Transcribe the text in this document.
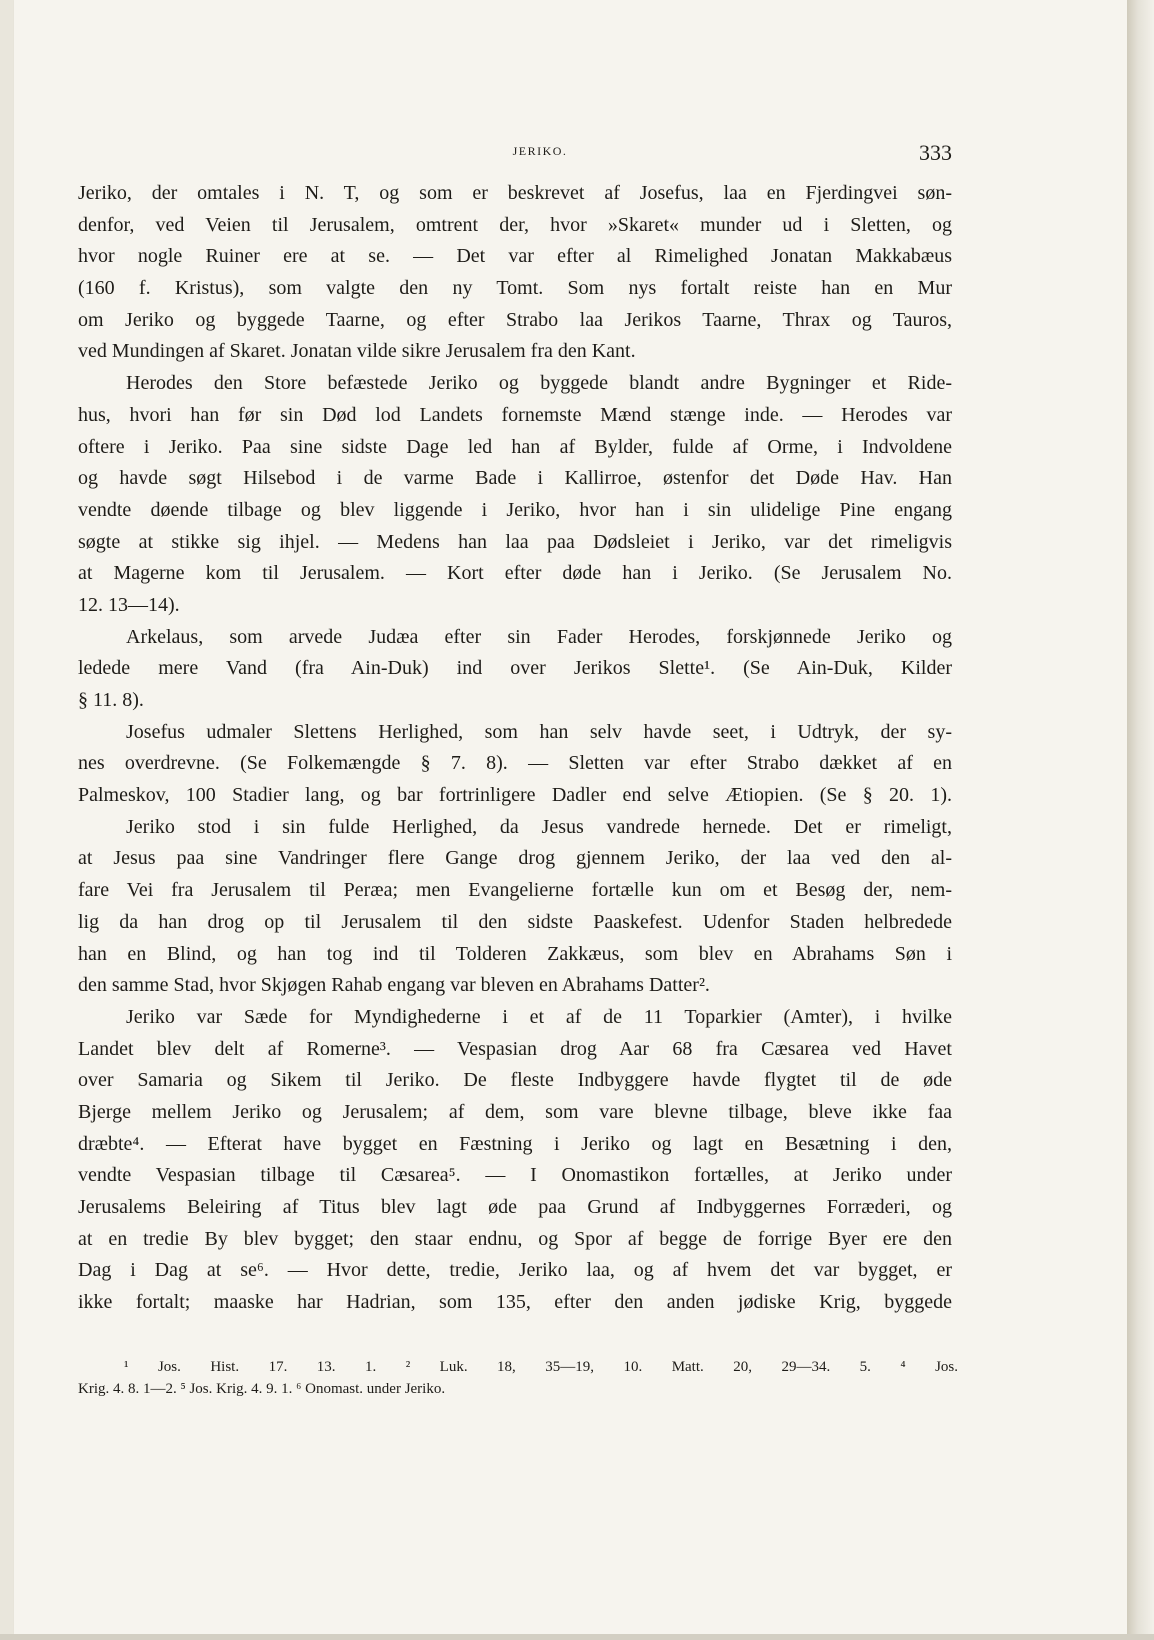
JERIKO.	333
Jeriko, der omtales i N. T, og som er beskrevet af Josefus, laa en Fjerdingvei søn-
denfor, ved Veien til Jerusalem, omtrent der, hvor »Skaret« munder ud i Sletten, og
hvor nogle Ruiner ere at se. — Det var efter al Rimelighed Jonatan Makkabæus
(160 f. Kristus), som valgte den ny Tomt. Som nys fortalt reiste han en Mur
om Jeriko og byggede Taarne, og efter Strabo laa Jerikos Taarne, Thrax og Tauros,
ved Mundingen af Skaret. Jonatan vilde sikre Jerusalem fra den Kant.
Herodes den Store befæstede Jeriko og byggede blandt andre Bygninger et Ride-
hus, hvori han før sin Død lod Landets fornemste Mænd stænge inde. — Herodes var
oftere i Jeriko. Paa sine sidste Dage led han af Bylder, fulde af Orme, i Indvoldene
og havde søgt Hilsebod i de varme Bade i Kallirroe, østenfor det Døde Hav. Han
vendte døende tilbage og blev liggende i Jeriko, hvor han i sin ulidelige Pine engang
søgte at stikke sig ihjel. — Medens han laa paa Dødsleiet i Jeriko, var det rimeligvis
at Magerne kom til Jerusalem. — Kort efter døde han i Jeriko. (Se Jerusalem No.
12. 13—14).
Arkelaus, som arvede Judæa efter sin Fader Herodes, forskjønnede Jeriko og
ledede mere Vand (fra Ain-Duk) ind over Jerikos Slette¹. (Se Ain-Duk, Kilder
§ 11. 8).
Josefus udmaler Slettens Herlighed, som han selv havde seet, i Udtryk, der sy-
nes overdrevne. (Se Folkemængde § 7. 8). — Sletten var efter Strabo dækket af en
Palmeskov, 100 Stadier lang, og bar fortrinligere Dadler end selve Ætiopien. (Se § 20. 1).
Jeriko stod i sin fulde Herlighed, da Jesus vandrede hernede. Det er rimeligt,
at Jesus paa sine Vandringer flere Gange drog gjennem Jeriko, der laa ved den al-
fare Vei fra Jerusalem til Peræa; men Evangelierne fortælle kun om et Besøg der, nem-
lig da han drog op til Jerusalem til den sidste Paaskefest. Udenfor Staden helbredede
han en Blind, og han tog ind til Tolderen Zakkæus, som blev en Abrahams Søn i
den samme Stad, hvor Skjøgen Rahab engang var bleven en Abrahams Datter².
Jeriko var Sæde for Myndighederne i et af de 11 Toparkier (Amter), i hvilke
Landet blev delt af Romerne³. — Vespasian drog Aar 68 fra Cæsarea ved Havet
over Samaria og Sikem til Jeriko. De fleste Indbyggere havde flygtet til de øde
Bjerge mellem Jeriko og Jerusalem; af dem, som vare blevne tilbage, bleve ikke faa
dræbte⁴. — Efterat have bygget en Fæstning i Jeriko og lagt en Besætning i den,
vendte Vespasian tilbage til Cæsarea⁵. — I Onomastikon fortælles, at Jeriko under
Jerusalems Beleiring af Titus blev lagt øde paa Grund af Indbyggernes Forræderi, og
at en tredie By blev bygget; den staar endnu, og Spor af begge de forrige Byer ere den
Dag i Dag at se⁶. — Hvor dette, tredie, Jeriko laa, og af hvem det var bygget, er
ikke fortalt; maaske har Hadrian, som 135, efter den anden jødiske Krig, byggede
¹ Jos. Hist. 17. 13. 1. ² Luk. 18, 35—19, 10. Matt. 20, 29—34. 5. ⁴ Jos.
Krig. 4. 8. 1—2. ⁵ Jos. Krig. 4. 9. 1. ⁶ Onomast. under Jeriko.
